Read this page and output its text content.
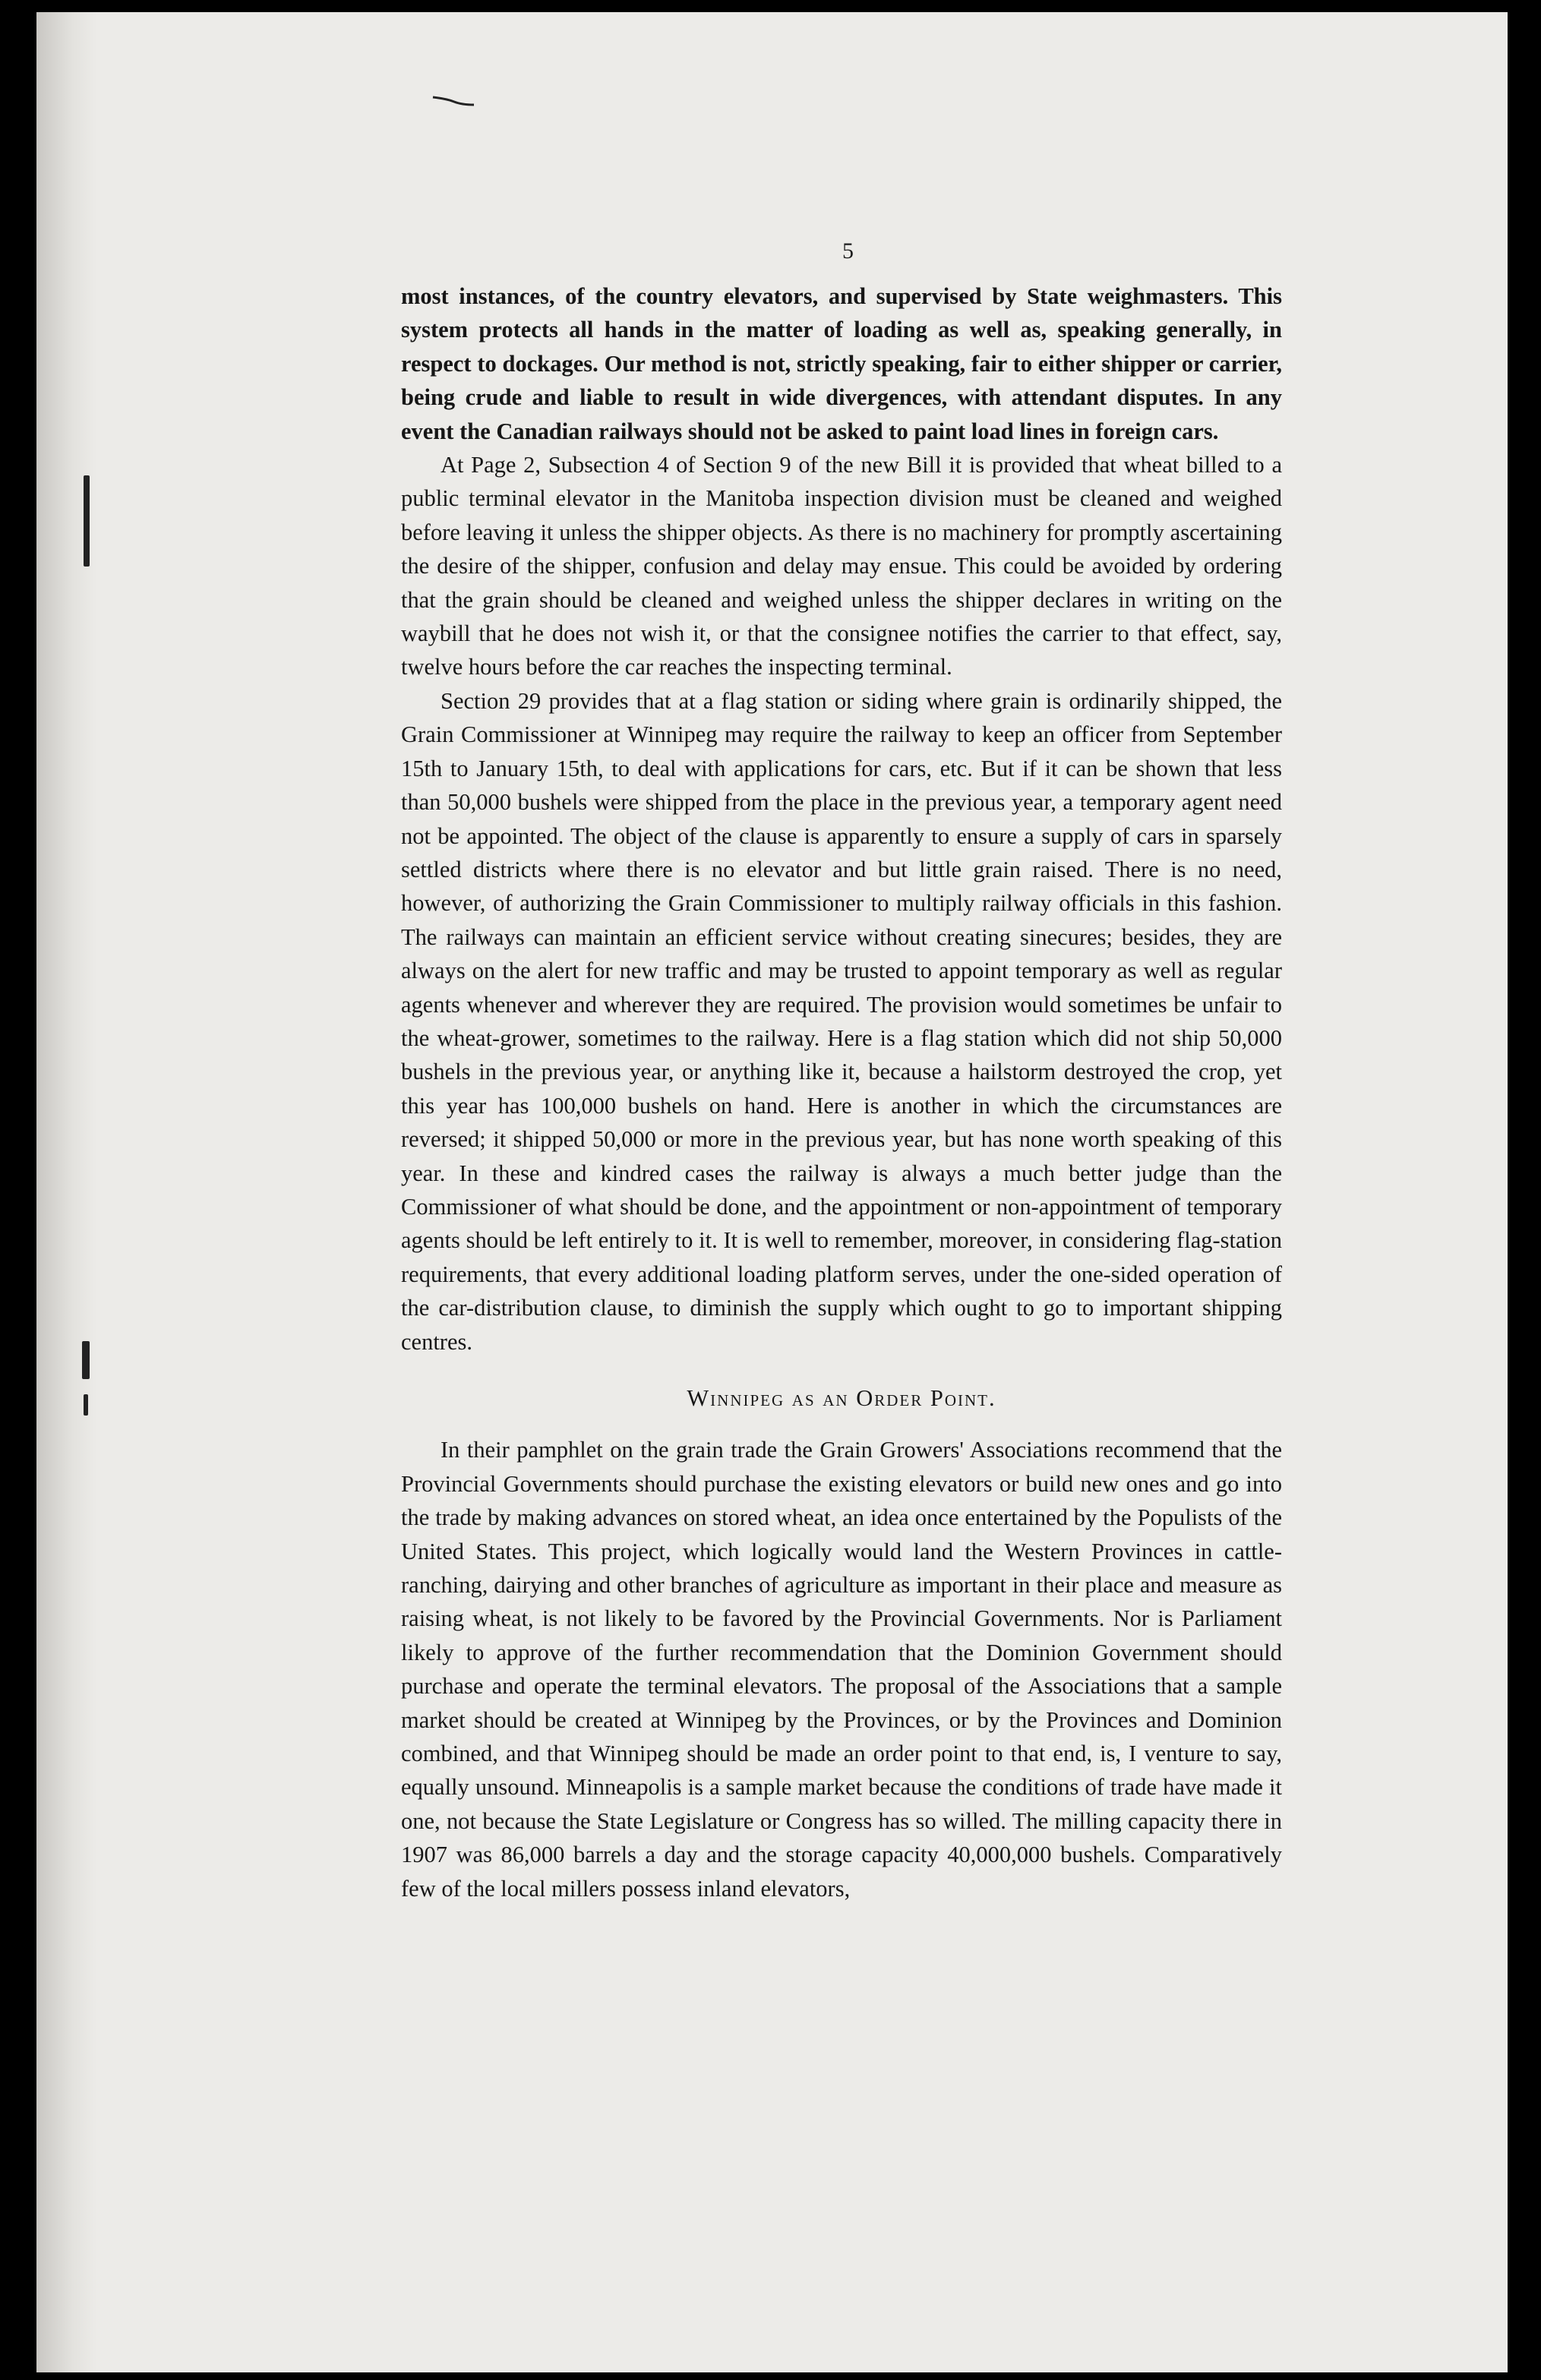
5

most instances, of the country elevators, and supervised by State weighmasters. This system protects all hands in the matter of loading as well as, speaking generally, in respect to dockages. Our method is not, strictly speaking, fair to either shipper or carrier, being crude and liable to result in wide divergences, with attendant disputes. In any event the Canadian railways should not be asked to paint load lines in foreign cars.

At Page 2, Subsection 4 of Section 9 of the new Bill it is provided that wheat billed to a public terminal elevator in the Manitoba inspection division must be cleaned and weighed before leaving it unless the shipper objects. As there is no machinery for promptly ascertaining the desire of the shipper, confusion and delay may ensue. This could be avoided by ordering that the grain should be cleaned and weighed unless the shipper declares in writing on the waybill that he does not wish it, or that the consignee notifies the carrier to that effect, say, twelve hours before the car reaches the inspecting terminal.

Section 29 provides that at a flag station or siding where grain is ordinarily shipped, the Grain Commissioner at Winnipeg may require the railway to keep an officer from September 15th to January 15th, to deal with applications for cars, etc. But if it can be shown that less than 50,000 bushels were shipped from the place in the previous year, a temporary agent need not be appointed. The object of the clause is apparently to ensure a supply of cars in sparsely settled districts where there is no elevator and but little grain raised. There is no need, however, of authorizing the Grain Commissioner to multiply railway officials in this fashion. The railways can maintain an efficient service without creating sinecures; besides, they are always on the alert for new traffic and may be trusted to appoint temporary as well as regular agents whenever and wherever they are required. The provision would sometimes be unfair to the wheat-grower, sometimes to the railway. Here is a flag station which did not ship 50,000 bushels in the previous year, or anything like it, because a hailstorm destroyed the crop, yet this year has 100,000 bushels on hand. Here is another in which the circumstances are reversed; it shipped 50,000 or more in the previous year, but has none worth speaking of this year. In these and kindred cases the railway is always a much better judge than the Commissioner of what should be done, and the appointment or non-appointment of temporary agents should be left entirely to it. It is well to remember, moreover, in considering flag-station requirements, that every additional loading platform serves, under the one-sided operation of the car-distribution clause, to diminish the supply which ought to go to important shipping centres.

Winnipeg as an Order Point.

In their pamphlet on the grain trade the Grain Growers' Associations recommend that the Provincial Governments should purchase the existing elevators or build new ones and go into the trade by making advances on stored wheat, an idea once entertained by the Populists of the United States. This project, which logically would land the Western Provinces in cattle-ranching, dairying and other branches of agriculture as important in their place and measure as raising wheat, is not likely to be favored by the Provincial Governments. Nor is Parliament likely to approve of the further recommendation that the Dominion Government should purchase and operate the terminal elevators. The proposal of the Associations that a sample market should be created at Winnipeg by the Provinces, or by the Provinces and Dominion combined, and that Winnipeg should be made an order point to that end, is, I venture to say, equally unsound. Minneapolis is a sample market because the conditions of trade have made it one, not because the State Legislature or Congress has so willed. The milling capacity there in 1907 was 86,000 barrels a day and the storage capacity 40,000,000 bushels. Comparatively few of the local millers possess inland elevators,
